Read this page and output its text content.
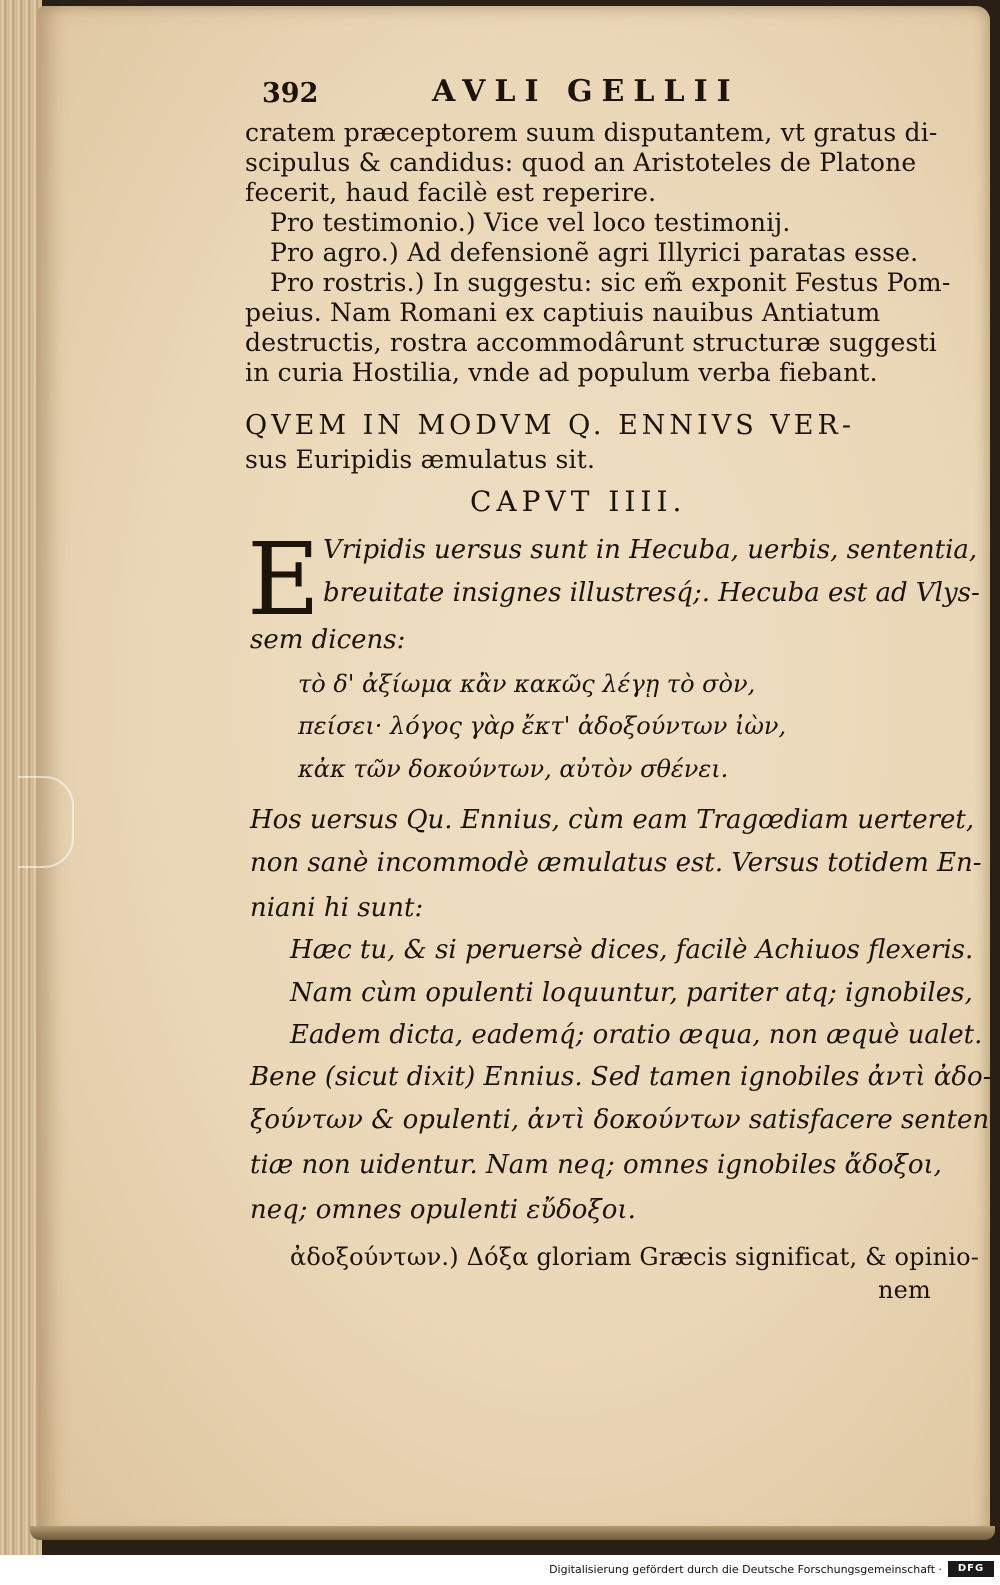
392	AVLI GELLII
cratem præceptorem suum disputantem, vt gratus di-
scipulus & candidus: quod an Aristoteles de Platone
fecerit, haud facilè est reperire.
Pro testimonio.) Vice vel loco testimonij.
Pro agro.) Ad defensionẽ agri Illyrici paratas esse.
Pro rostris.) In suggestu: sic em̃ exponit Festus Pom-
peius. Nam Romani ex captiuis nauibus Antiatum
destructis, rostra accommodârunt structuræ suggesti
in curia Hostilia, vnde ad populum verba fiebant.
QVEM IN MODVM Q. ENNIVS VER-
sus Euripidis æmulatus sit.
CAPVT IIII.
E Vripidis uersus sunt in Hecuba, uerbis, sententia,
breuitate insignes illustresq́;. Hecuba est ad Vlys-
sem dicens:
τὸ δ' ἀξίωμα κἂν κακῶς λέγῃ τὸ σὸν,
πείσει· λόγος γὰρ ἔκτ' ἀδοξούντων ἰὼν,
κἀκ τῶν δοκούντων, αὐτὸν σθένει.
Hos uersus Qu. Ennius, cùm eam Tragœdiam uerteret,
non sanè incommodè æmulatus est. Versus totidem En-
niani hi sunt:
Hæc tu, & si peruersè dices, facilè Achiuos flexeris.
Nam cùm opulenti loquuntur, pariter atq; ignobiles,
Eadem dicta, eademq́; oratio æqua, non æquè ualet.
Bene (sicut dixit) Ennius. Sed tamen ignobiles ἀντὶ ἀδο-
ξούντων & opulenti, ἀντὶ δοκούντων satisfacere senten
tiæ non uidentur. Nam neq; omnes ignobiles ἄδοξοι,
neq; omnes opulenti εὔδοξοι.
ἀδοξούντων.) Δόξα gloriam Græcis significat, & opinio-
nem
Digitalisierung gefördert durch die Deutsche Forschungsgemeinschaft ·	DFG
